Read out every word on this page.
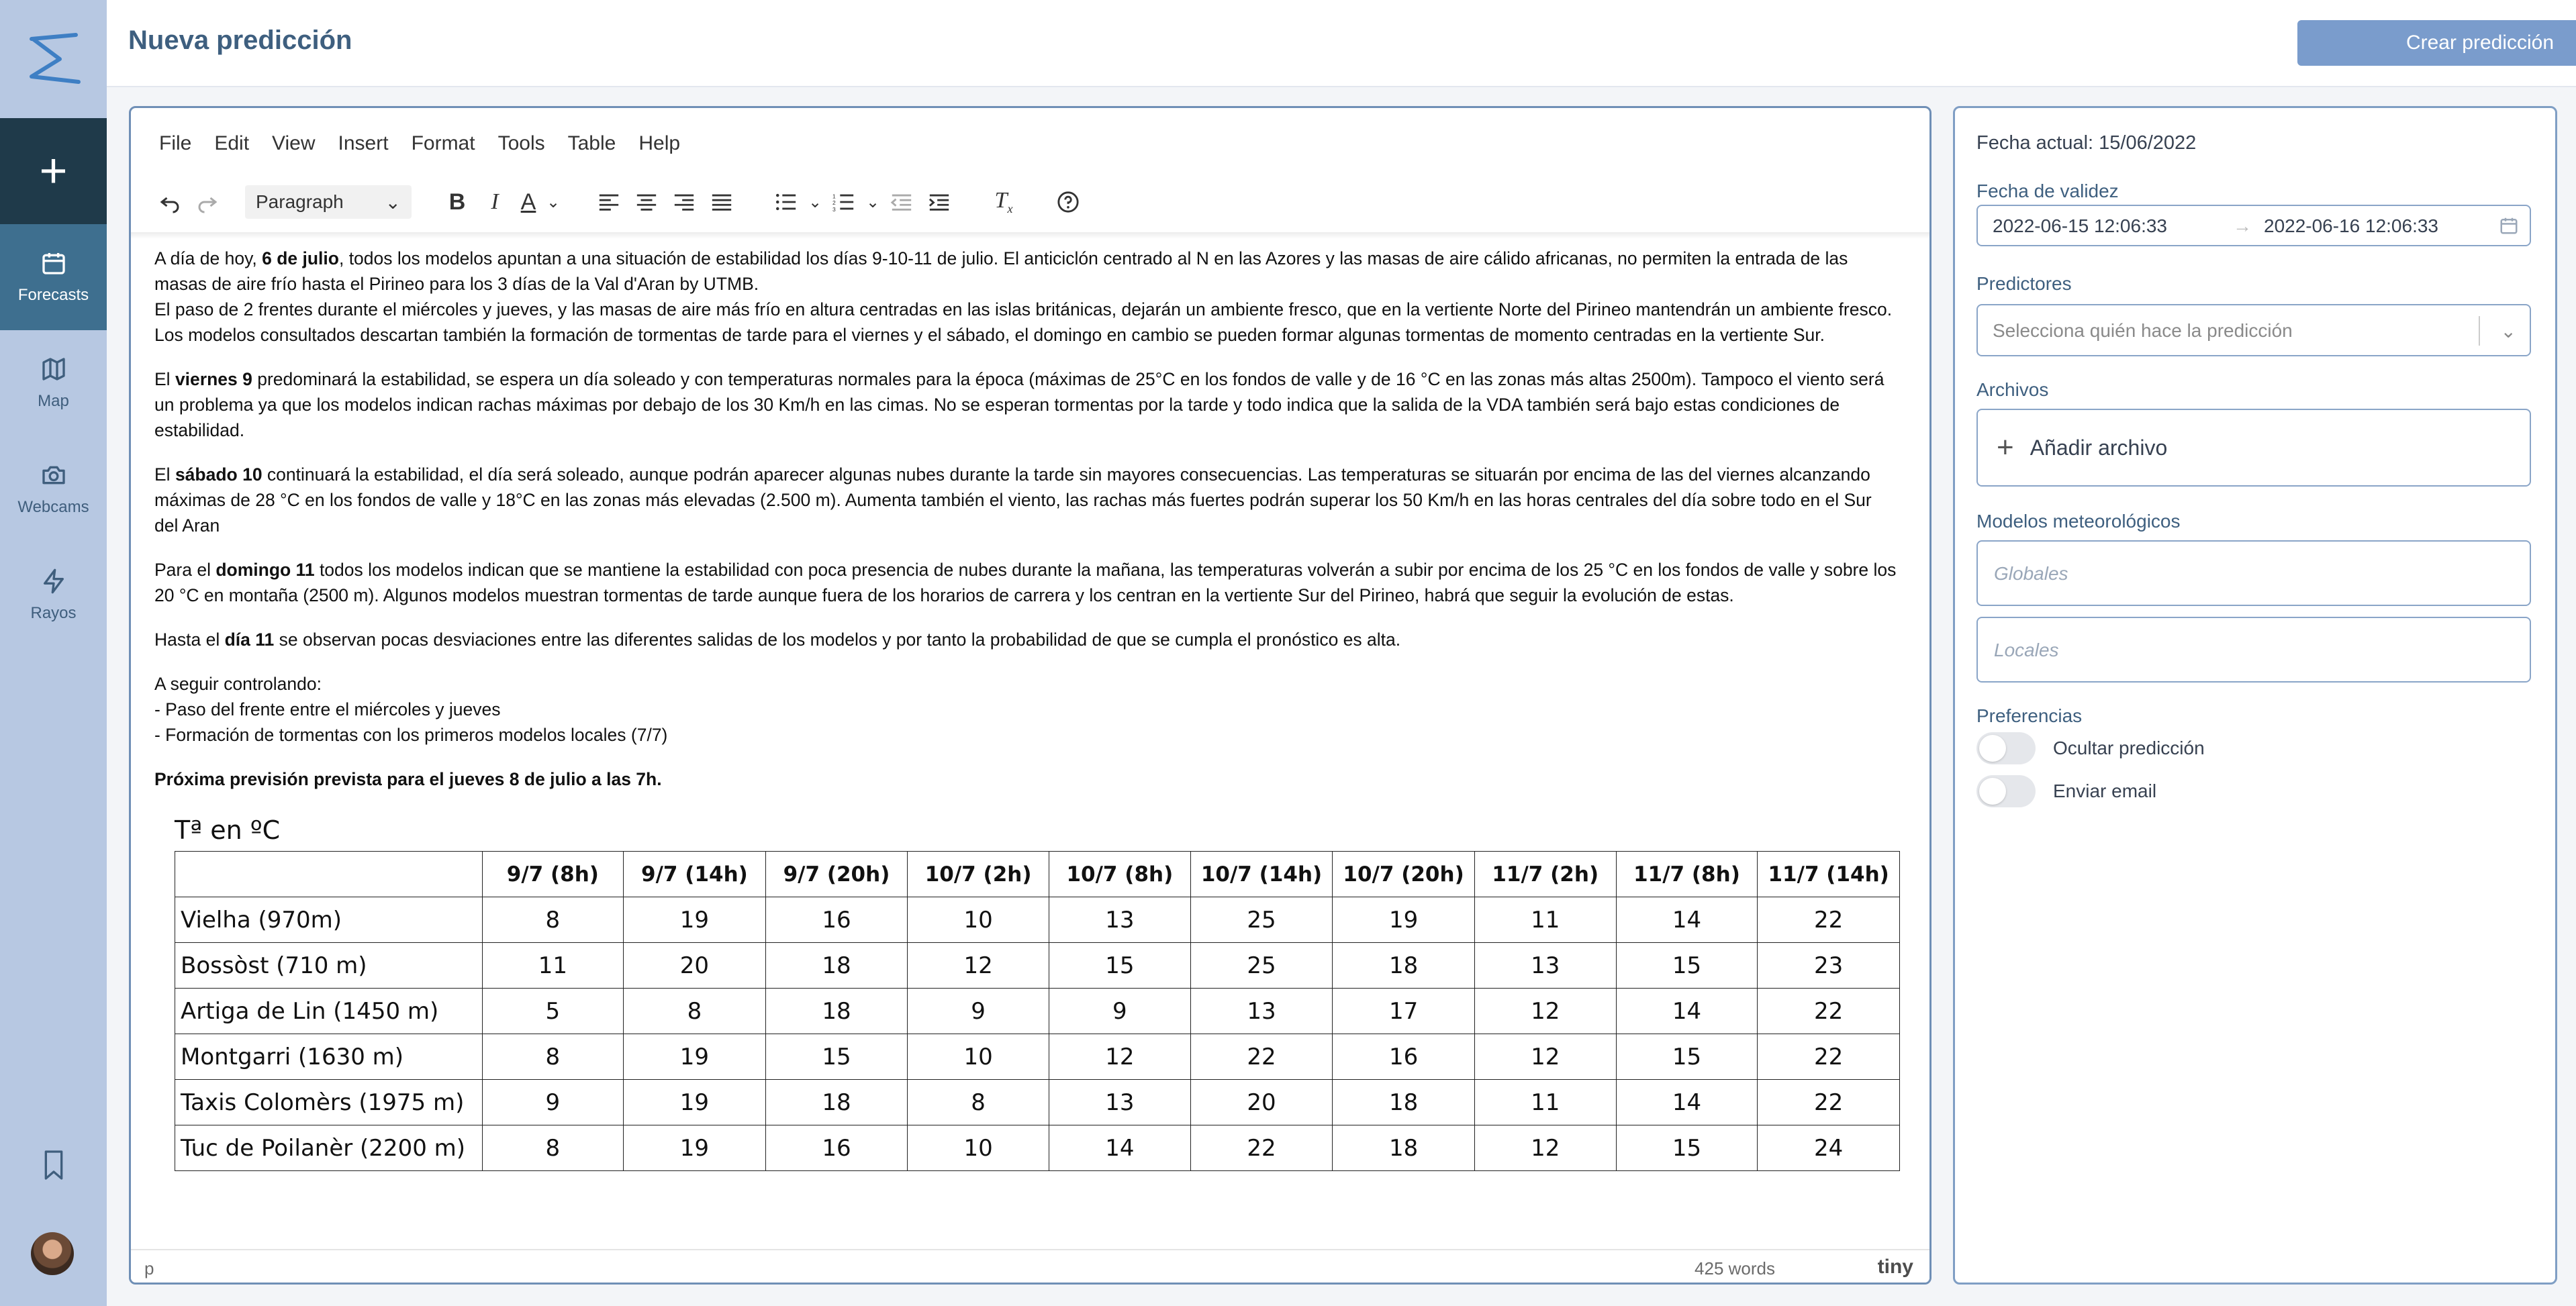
+
Forecasts
Map
Webcams
Rayos
Nueva predicción	Crear predicción
File Edit View Insert Format Tools Table Help
Paragraph ⌄ B I A ⌄	⌄	1
2
3 ⌄	$T_x$

A día de hoy, 6 de julio, todos los modelos apuntan a una situación de estabilidad los días 9-10-11 de julio. El anticiclón centrado al N en las Azores y las masas de aire cálido africanas, no permiten la entrada de las masas de aire frío hasta el Pirineo para los 3 días de la Val d'Aran by UTMB.
El paso de 2 frentes durante el miércoles y jueves, y las masas de aire más frío en altura centradas en las islas británicas, dejarán un ambiente fresco, que en la vertiente Norte del Pirineo mantendrán un ambiente fresco.
Los modelos consultados descartan también la formación de tormentas de tarde para el viernes y el sábado, el domingo en cambio se pueden formar algunas tormentas de momento centradas en la vertiente Sur.

El viernes 9 predominará la estabilidad, se espera un día soleado y con temperaturas normales para la época (máximas de 25°C en los fondos de valle y de 16 °C en las zonas más altas 2500m). Tampoco el viento será un problema ya que los modelos indican rachas máximas por debajo de los 30 Km/h en las cimas. No se esperan tormentas por la tarde y todo indica que la salida de la VDA también será bajo estas condiciones de estabilidad.

El sábado 10 continuará la estabilidad, el día será soleado, aunque podrán aparecer algunas nubes durante la tarde sin mayores consecuencias. Las temperaturas se situarán por encima de las del viernes alcanzando máximas de 28 °C en los fondos de valle y 18°C en las zonas más elevadas (2.500 m). Aumenta también el viento, las rachas más fuertes podrán superar los 50 Km/h en las horas centrales del día sobre todo en el Sur del Aran

Para el domingo 11 todos los modelos indican que se mantiene la estabilidad con poca presencia de nubes durante la mañana, las temperaturas volverán a subir por encima de los 25 °C en los fondos de valle y sobre los 20 °C en montaña (2500 m). Algunos modelos muestran tormentas de tarde aunque fuera de los horarios de carrera y los centran en la vertiente Sur del Pirineo, habrá que seguir la evolución de estas.

Hasta el día 11 se observan pocas desviaciones entre las diferentes salidas de los modelos y por tanto la probabilidad de que se cumpla el pronóstico es alta.

A seguir controlando:
- Paso del frente entre el miércoles y jueves
- Formación de tormentas con los primeros modelos locales (7/7)

Próxima previsión prevista para el jueves 8 de julio a las 7h.

Tª en ºC
	9/7 (8h)	9/7 (14h)	9/7 (20h)	10/7 (2h)	10/7 (8h)	10/7 (14h)	10/7 (20h)	11/7 (2h)	11/7 (8h)	11/7 (14h)
Vielha (970m)	8	19	16	10	13	25	19	11	14	22
Bossòst (710 m)	11	20	18	12	15	25	18	13	15	23
Artiga de Lin (1450 m)	5	8	18	9	9	13	17	12	14	22
Montgarri (1630 m)	8	19	15	10	12	22	16	12	15	22
Taxis Colomèrs (1975 m)	9	19	18	8	13	20	18	11	14	22
Tuc de Poilanèr (2200 m)	8	19	16	10	14	22	18	12	15	24
p	425 words	tiny
Fecha actual: 15/06/2022
Fecha de validez
2022-06-15 12:06:33	→ 2022-06-16 12:06:33
Predictores
Selecciona quién hace la predicción	⌄
Archivos
+ Añadir archivo
Modelos meteorológicos
Globales
Locales
Preferencias
Ocultar predicción
Enviar email
